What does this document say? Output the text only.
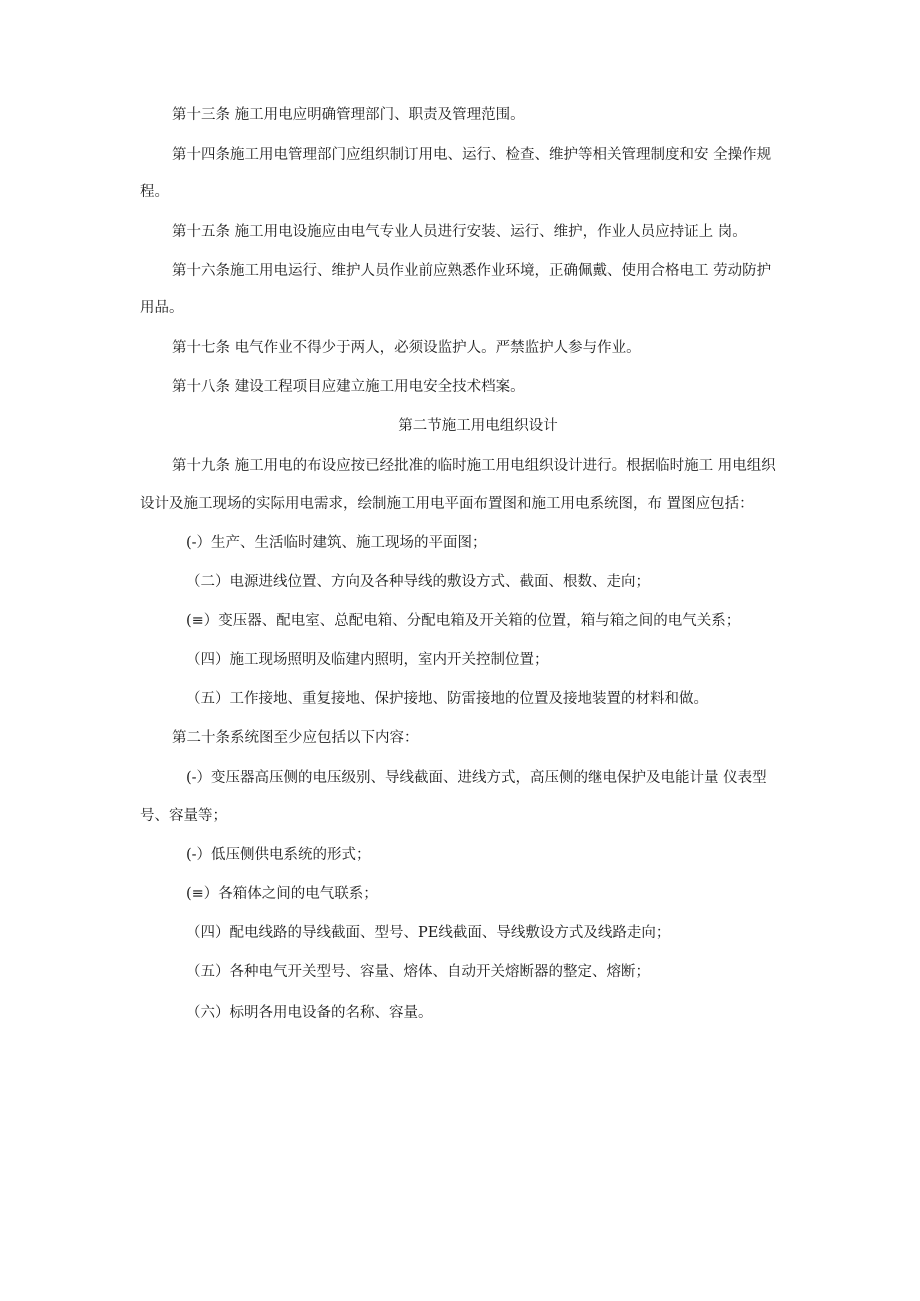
第十三条 施工用电应明确管理部门、职责及管理范围。

第十四条施工用电管理部门应组织制订用电、运行、检查、维护等相关管理制度和安 全操作规

程。

第十五条 施工用电设施应由电气专业人员进行安装、运行、维护，作业人员应持证上 岗。

第十六条施工用电运行、维护人员作业前应熟悉作业环境，正确佩戴、使用合格电工 劳动防护

用品。

第十七条 电气作业不得少于两人，必须设监护人。严禁监护人参与作业。

第十八条 建设工程项目应建立施工用电安全技术档案。

第二节施工用电组织设计

第十九条 施工用电的布设应按已经批准的临时施工用电组织设计进行。根据临时施工 用电组织

设计及施工现场的实际用电需求，绘制施工用电平面布置图和施工用电系统图，布 置图应包括：

(-）生产、生活临时建筑、施工现场的平面图；

（二）电源进线位置、方向及各种导线的敷设方式、截面、根数、走向；

(≡）变压器、配电室、总配电箱、分配电箱及开关箱的位置，箱与箱之间的电气关系；

（四）施工现场照明及临建内照明，室内开关控制位置；

（五）工作接地、重复接地、保护接地、防雷接地的位置及接地装置的材料和做。

第二十条系统图至少应包括以下内容：

(-）变压器高压侧的电压级别、导线截面、进线方式，高压侧的继电保护及电能计量 仪表型

号、容量等；

(-）低压侧供电系统的形式；

(≡）各箱体之间的电气联系；

（四）配电线路的导线截面、型号、PE线截面、导线敷设方式及线路走向；

（五）各种电气开关型号、容量、熔体、自动开关熔断器的整定、熔断；

（六）标明各用电设备的名称、容量。
